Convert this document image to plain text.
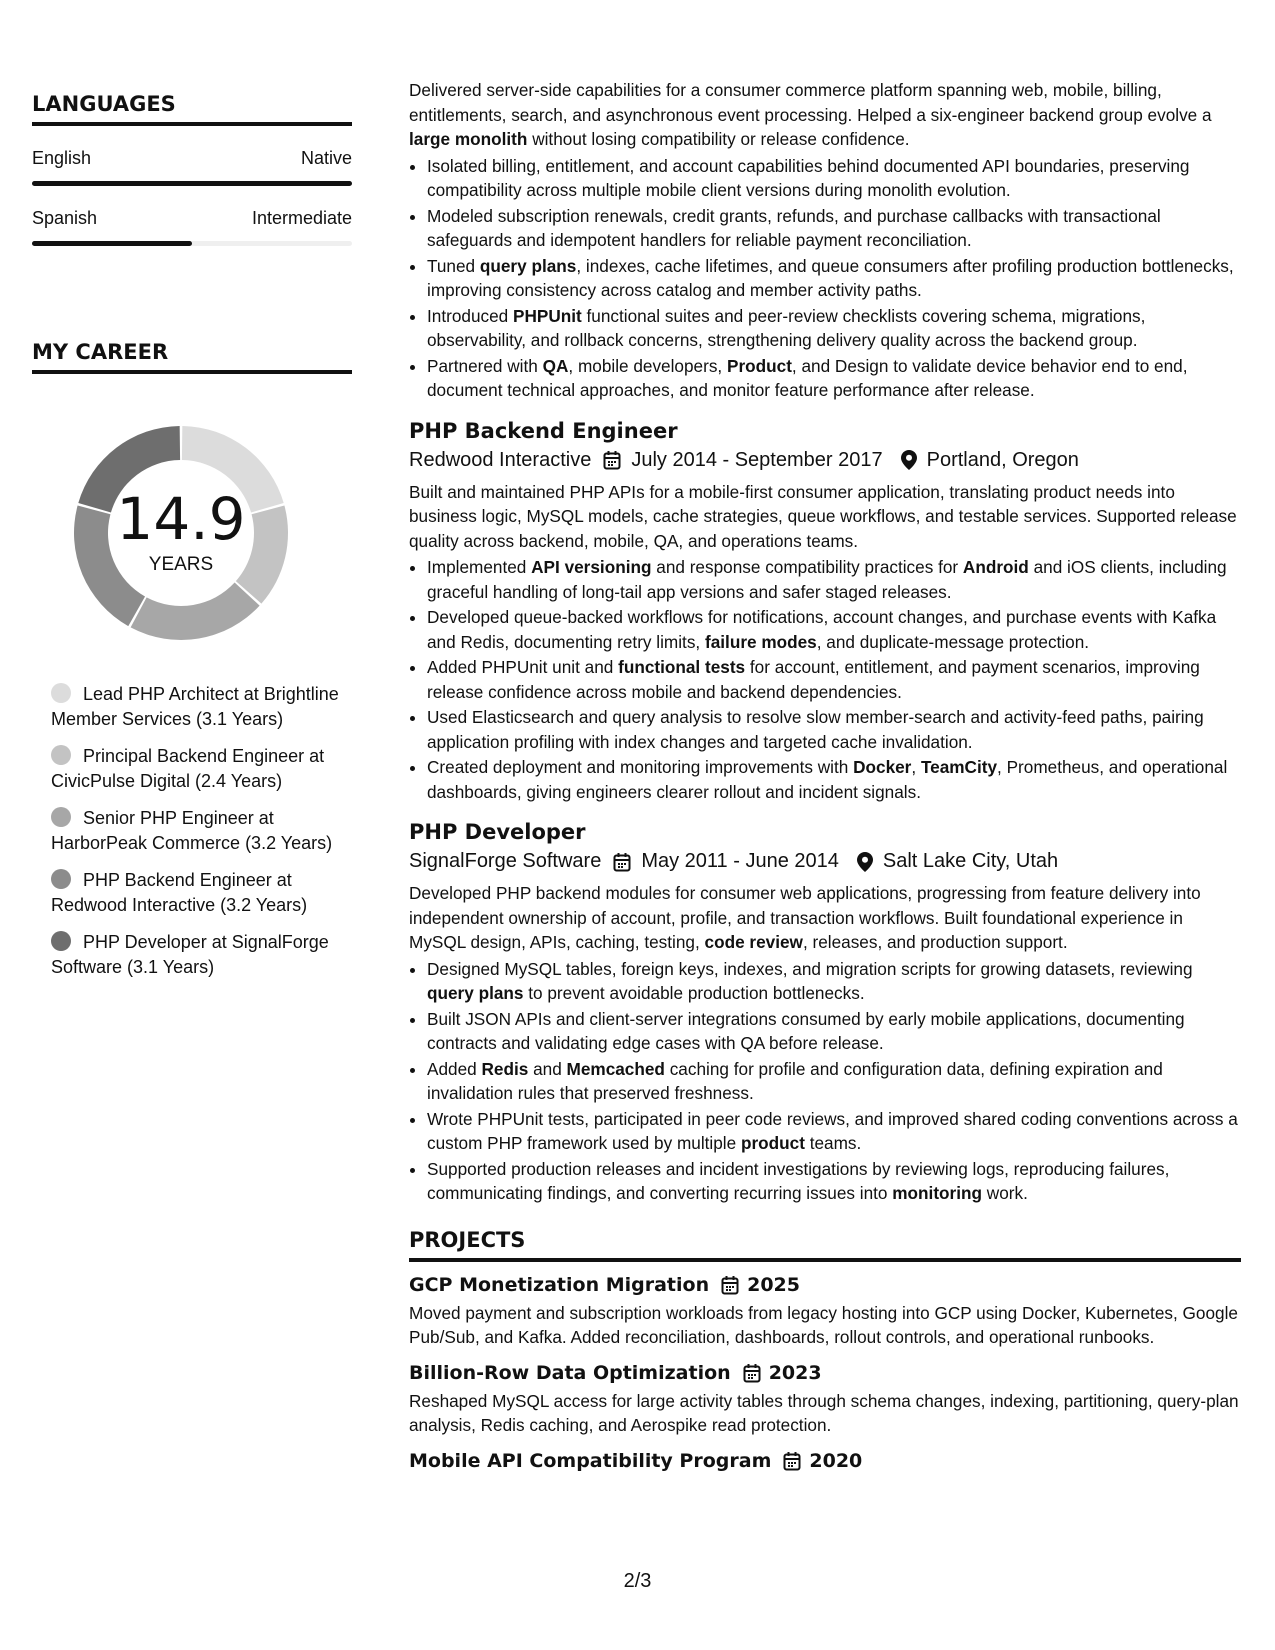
LANGUAGES
English	Native
Spanish	Intermediate
MY CAREER
14.9
YEARS
Lead PHP Architect at Brightline Member Services (3.1 Years)
Principal Backend Engineer at CivicPulse Digital (2.4 Years)
Senior PHP Engineer at HarborPeak Commerce (3.2 Years)
PHP Backend Engineer at Redwood Interactive (3.2 Years)
PHP Developer at SignalForge Software (3.1 Years)

Delivered server-side capabilities for a consumer commerce platform spanning web, mobile, billing, entitlements, search, and asynchronous event processing. Helped a six-engineer backend group evolve a large monolith without losing compatibility or release confidence.

• Isolated billing, entitlement, and account capabilities behind documented API boundaries, preserving compatibility across multiple mobile client versions during monolith evolution.
• Modeled subscription renewals, credit grants, refunds, and purchase callbacks with transactional safeguards and idempotent handlers for reliable payment reconciliation.
• Tuned query plans, indexes, cache lifetimes, and queue consumers after profiling production bottlenecks, improving consistency across catalog and member activity paths.
• Introduced PHPUnit functional suites and peer-review checklists covering schema, migrations, observability, and rollback concerns, strengthening delivery quality across the backend group.
• Partnered with QA, mobile developers, Product, and Design to validate device behavior end to end, document technical approaches, and monitor feature performance after release.
PHP Backend Engineer
Redwood Interactive July 2014 - September 2017 Portland, Oregon

Built and maintained PHP APIs for a mobile-first consumer application, translating product needs into business logic, MySQL models, cache strategies, queue workflows, and testable services. Supported release quality across backend, mobile, QA, and operations teams.

• Implemented API versioning and response compatibility practices for Android and iOS clients, including graceful handling of long-tail app versions and safer staged releases.
• Developed queue-backed workflows for notifications, account changes, and purchase events with Kafka and Redis, documenting retry limits, failure modes, and duplicate-message protection.
• Added PHPUnit unit and functional tests for account, entitlement, and payment scenarios, improving release confidence across mobile and backend dependencies.
• Used Elasticsearch and query analysis to resolve slow member-search and activity-feed paths, pairing application profiling with index changes and targeted cache invalidation.
• Created deployment and monitoring improvements with Docker, TeamCity, Prometheus, and operational dashboards, giving engineers clearer rollout and incident signals.
PHP Developer
SignalForge Software May 2011 - June 2014 Salt Lake City, Utah

Developed PHP backend modules for consumer web applications, progressing from feature delivery into independent ownership of account, profile, and transaction workflows. Built foundational experience in MySQL design, APIs, caching, testing, code review, releases, and production support.

• Designed MySQL tables, foreign keys, indexes, and migration scripts for growing datasets, reviewing query plans to prevent avoidable production bottlenecks.
• Built JSON APIs and client-server integrations consumed by early mobile applications, documenting contracts and validating edge cases with QA before release.
• Added Redis and Memcached caching for profile and configuration data, defining expiration and invalidation rules that preserved freshness.
• Wrote PHPUnit tests, participated in peer code reviews, and improved shared coding conventions across a custom PHP framework used by multiple product teams.
• Supported production releases and incident investigations by reviewing logs, reproducing failures, communicating findings, and converting recurring issues into monitoring work.
PROJECTS
GCP Monetization Migration 2025

Moved payment and subscription workloads from legacy hosting into GCP using Docker, Kubernetes, Google Pub/Sub, and Kafka. Added reconciliation, dashboards, rollout controls, and operational runbooks.

Billion-Row Data Optimization 2023

Reshaped MySQL access for large activity tables through schema changes, indexing, partitioning, query-plan analysis, Redis caching, and Aerospike read protection.

Mobile API Compatibility Program 2020
2/3
